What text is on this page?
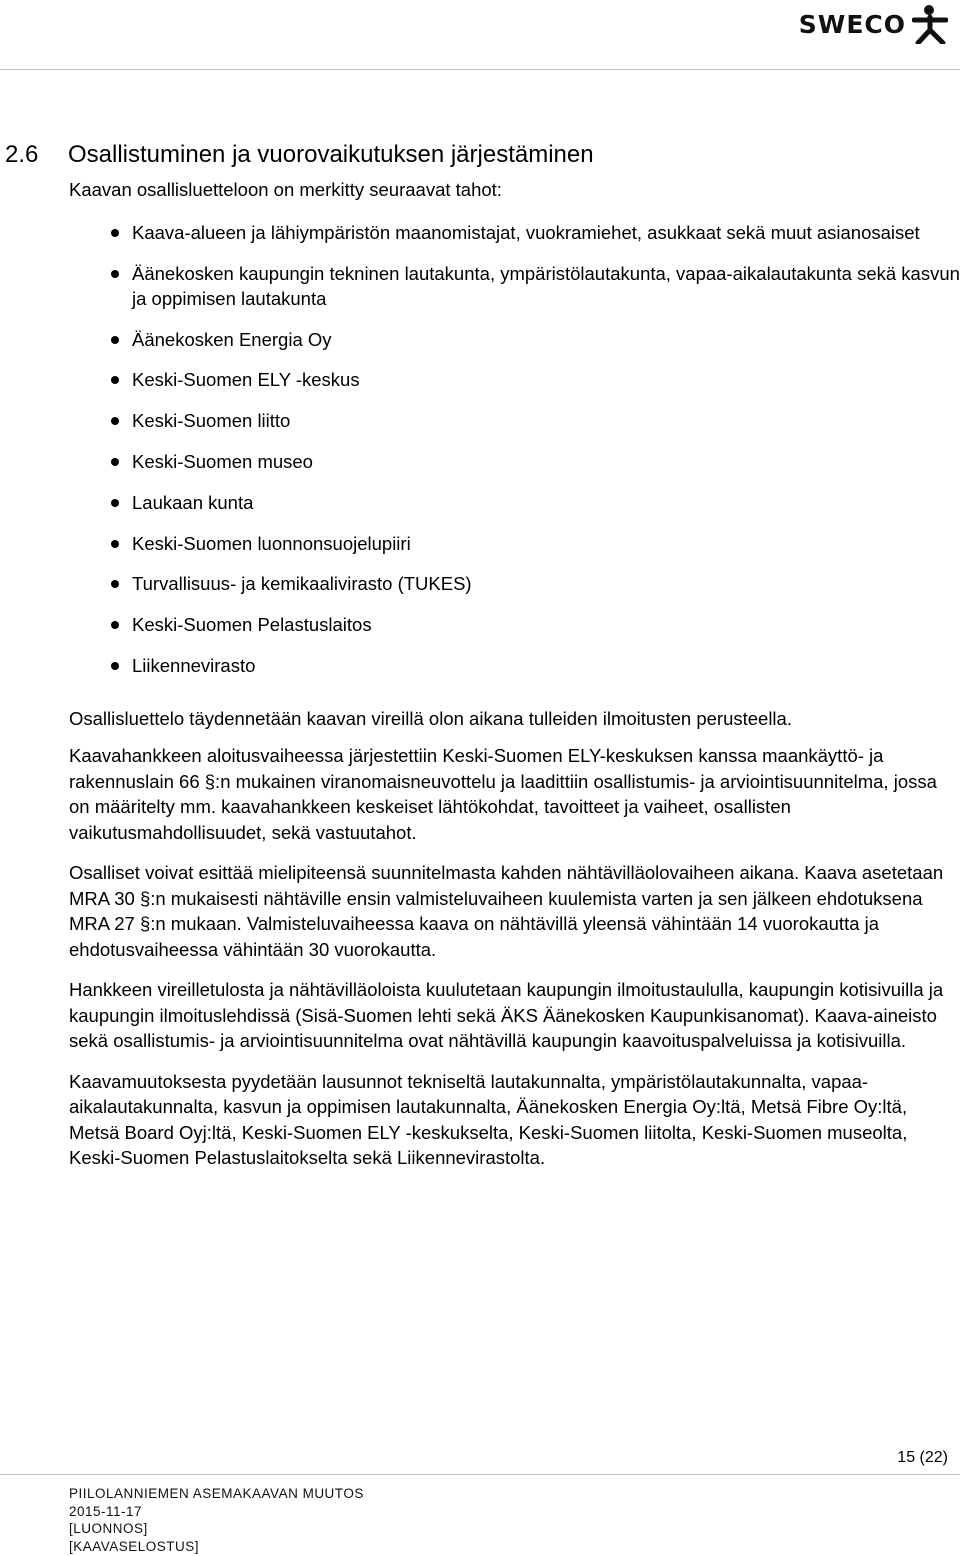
SWECO
2.6	Osallistuminen ja vuorovaikutuksen järjestäminen
Kaavan osallisluetteloon on merkitty seuraavat tahot:
Kaava-alueen ja lähiympäristön maanomistajat, vuokramiehet, asukkaat sekä muut asianosaiset
Äänekosken kaupungin tekninen lautakunta, ympäristölautakunta, vapaa-aikalautakunta sekä kasvun ja oppimisen lautakunta
Äänekosken Energia Oy
Keski-Suomen ELY -keskus
Keski-Suomen liitto
Keski-Suomen museo
Laukaan kunta
Keski-Suomen luonnonsuojelupiiri
Turvallisuus- ja kemikaalivirasto (TUKES)
Keski-Suomen Pelastuslaitos
Liikennevirasto

Osallisluettelo täydennetään kaavan vireillä olon aikana tulleiden ilmoitusten perusteella.

Kaavahankkeen aloitusvaiheessa järjestettiin Keski-Suomen ELY-keskuksen kanssa maankäyttö- ja rakennuslain 66 §:n mukainen viranomaisneuvottelu ja laadittiin osallistumis- ja arviointisuunnitelma, jossa on määritelty mm. kaavahankkeen keskeiset lähtökohdat, tavoitteet ja vaiheet, osallisten vaikutusmahdollisuudet, sekä vastuutahot.

Osalliset voivat esittää mielipiteensä suunnitelmasta kahden nähtävilläolovaiheen aikana. Kaava asetetaan MRA 30 §:n mukaisesti nähtäville ensin valmisteluvaiheen kuulemista varten ja sen jälkeen ehdotuksena MRA 27 §:n mukaan. Valmisteluvaiheessa kaava on nähtävillä yleensä vähintään 14 vuorokautta ja ehdotusvaiheessa vähintään 30 vuorokautta.

Hankkeen vireilletulosta ja nähtävilläoloista kuulutetaan kaupungin ilmoitustaululla, kaupungin kotisivuilla ja kaupungin ilmoituslehdissä (Sisä-Suomen lehti sekä ÄKS Äänekosken Kaupunkisanomat). Kaava-aineisto sekä osallistumis- ja arviointisuunnitelma ovat nähtävillä kaupungin kaavoituspalveluissa ja kotisivuilla.

Kaavamuutoksesta pyydetään lausunnot tekniseltä lautakunnalta, ympäristölautakunnalta, vapaa-aikalautakunnalta, kasvun ja oppimisen lautakunnalta, Äänekosken Energia Oy:ltä, Metsä Fibre Oy:ltä, Metsä Board Oyj:ltä, Keski-Suomen ELY -keskukselta, Keski-Suomen liitolta, Keski-Suomen museolta, Keski-Suomen Pelastuslaitokselta sekä Liikennevirastolta.

15 (22)
PIILOLANNIEMEN ASEMAKAAVAN MUUTOS
2015-11-17
[LUONNOS]
[KAAVASELOSTUS]
